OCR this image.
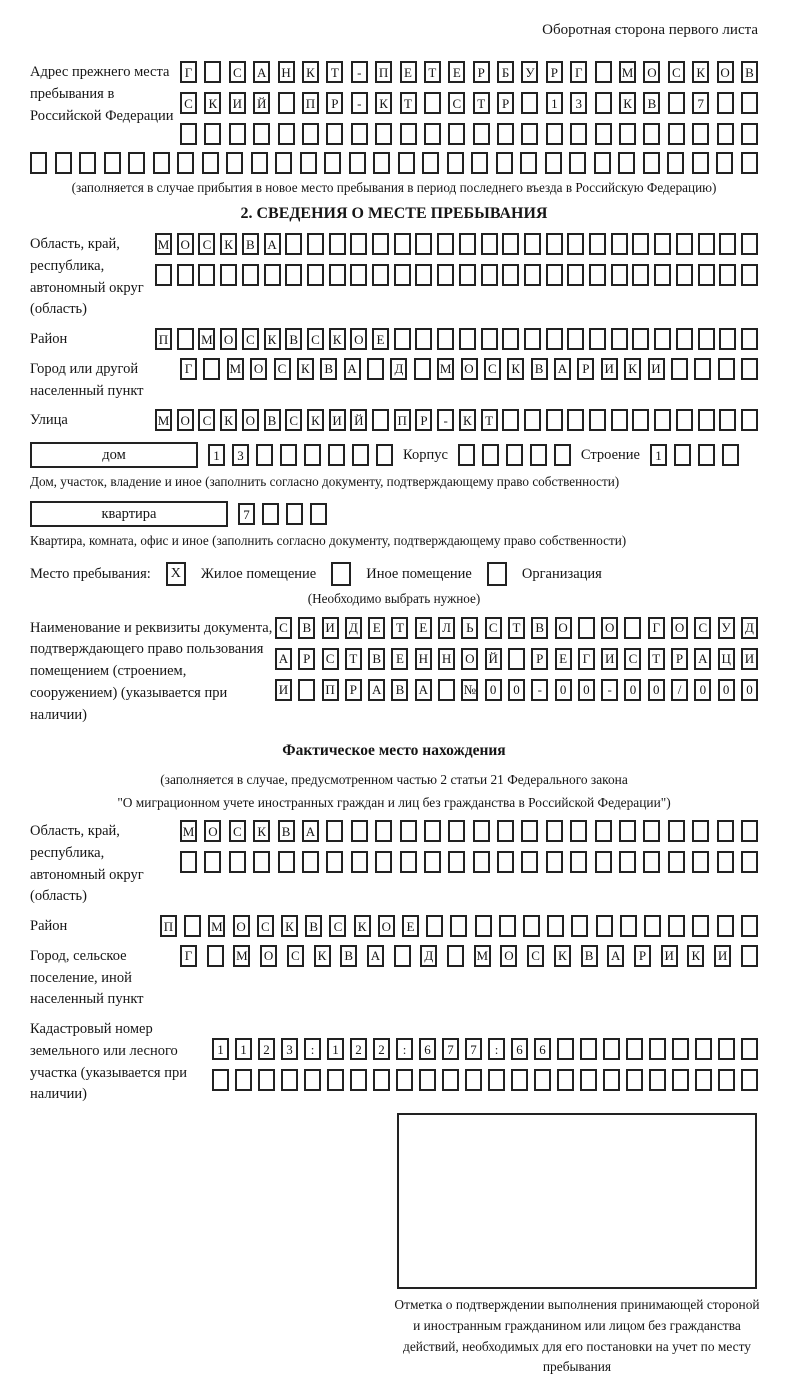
Оборотная сторона первого листа
Адрес прежнего места пребывания в Российской Федерации
Г	С	А Н	К	Т	-	П	Е	Т	Е	Р	Б	У	Р	Г	М О	С	К	О	В
С	К	И Й	П	Р	-	К	Т	С	Т	Р	1	3	К	В	7
(заполняется в случае прибытия в новое место пребывания в период последнего въезда в Российскую Федерацию)
2. СВЕДЕНИЯ О МЕСТЕ ПРЕБЫВАНИЯ
Область, край, республика, автономный округ (область)
М О С	К	В А
Район	П	М О С	К	В	С	К О	Е
Город или другой населенный пункт
Г	М О	С	К	В	А	Д	М О	С	К	В	А	Р	И	К	И
Улица	М О С	К О В	С	К И Й	П	Р	-	К	Т
дом	1	3	Корпус	Строение	1
Дом, участок, владение и иное (заполнить согласно документу, подтверждающему право собственности)
квартира	7
Квартира, комната, офис и иное (заполнить согласно документу, подтверждающему право собственности)
Место пребывания:	X	Жилое помещение	Иное помещение	Организация
(Необходимо выбрать нужное)
Наименование и реквизиты документа, подтверждающего право пользования помещением (строением, сооружением) (указывается при наличии)
С	В	И	Д	Е	Т	Е	Л	Ь	С	Т	В	О	О	Г	О	С	У	Д
А	Р	С	Т	В	Е	Н Н О Й	Р	Е	Г	И	С	Т	Р	А Ц И
И	П	Р	А	В	А	№	0	0	-	0	0	-	0	0	/	0	0	0
Фактическое место нахождения
(заполняется в случае, предусмотренном частью 2 статьи 21 Федерального закона
"О миграционном учете иностранных граждан и лиц без гражданства в Российской Федерации")
Область, край, республика, автономный округ (область)
М О	С	К	В	А
Район	П	М О	С	К	В	С	К	О	Е
Город, сельское поселение, иной населенный пункт
Г	М О	С	К	В	А	Д	М О	С	К	В	А	Р	И	К	И
Кадастровый номер земельного или лесного участка (указывается при наличии)
1	1	2	3	:	1	2	2	:	6	7	7	:	6	6
Отметка о подтверждении выполнения принимающей стороной и иностранным гражданином или лицом без гражданства действий, необходимых для его постановки на учет по месту пребывания
